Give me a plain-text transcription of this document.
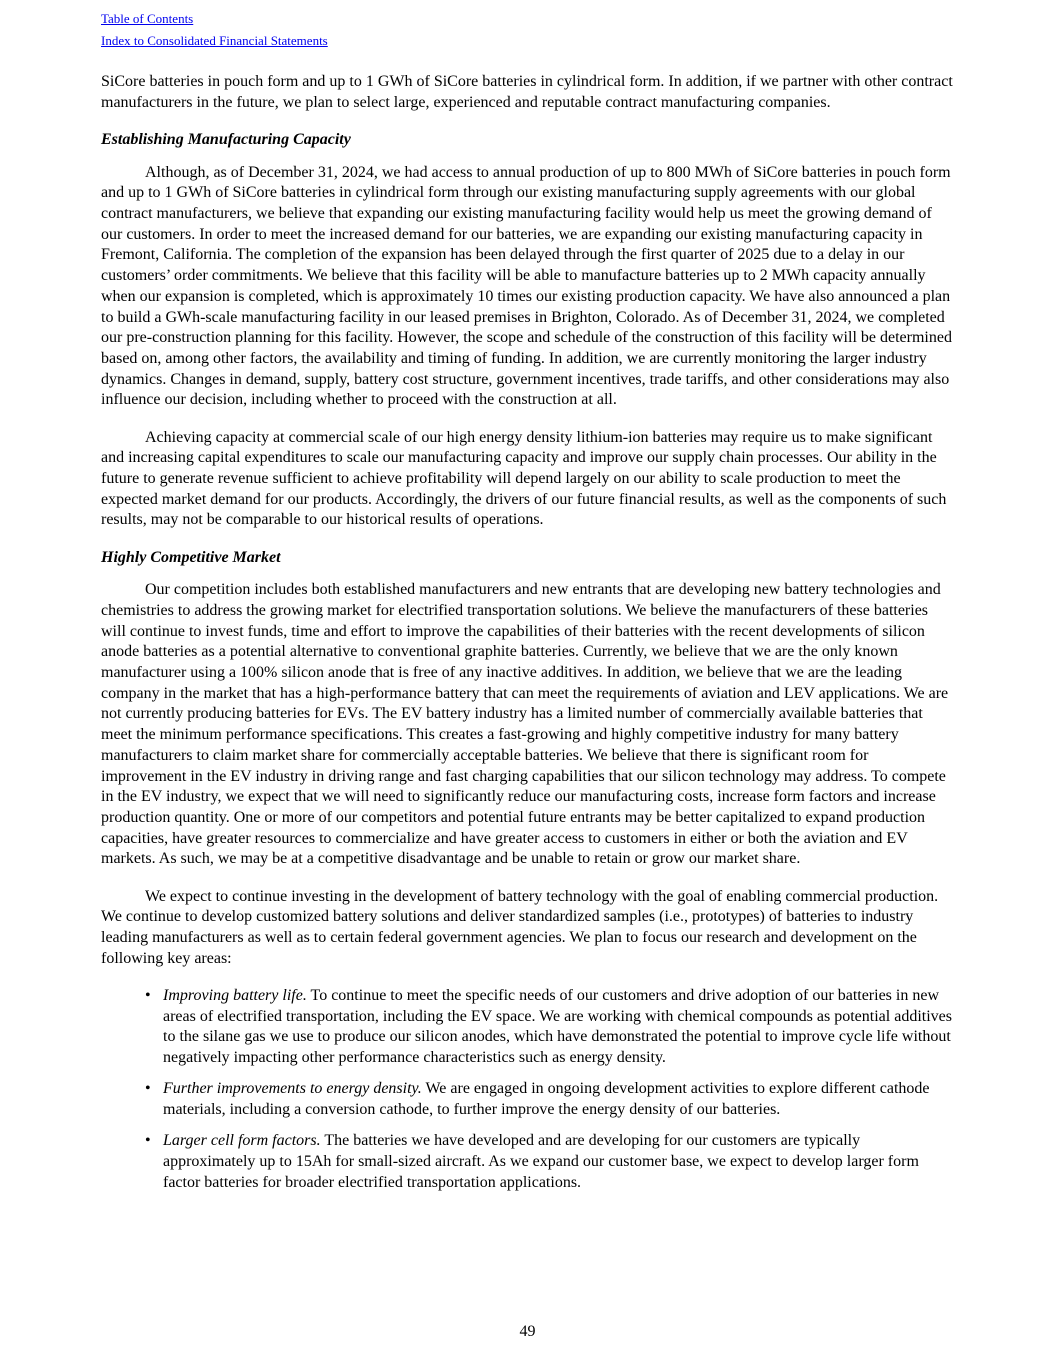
Table of Contents
Index to Consolidated Financial Statements

SiCore batteries in pouch form and up to 1 GWh of SiCore batteries in cylindrical form. In addition, if we partner with other contract manufacturers in the future, we plan to select large, experienced and reputable contract manufacturing companies.

Establishing Manufacturing Capacity

Although, as of December 31, 2024, we had access to annual production of up to 800 MWh of SiCore batteries in pouch form and up to 1 GWh of SiCore batteries in cylindrical form through our existing manufacturing supply agreements with our global contract manufacturers, we believe that expanding our existing manufacturing facility would help us meet the growing demand of our customers. In order to meet the increased demand for our batteries, we are expanding our existing manufacturing capacity in Fremont, California. The completion of the expansion has been delayed through the first quarter of 2025 due to a delay in our customers’ order commitments. We believe that this facility will be able to manufacture batteries up to 2 MWh capacity annually when our expansion is completed, which is approximately 10 times our existing production capacity. We have also announced a plan to build a GWh-scale manufacturing facility in our leased premises in Brighton, Colorado. As of December 31, 2024, we completed our pre-construction planning for this facility. However, the scope and schedule of the construction of this facility will be determined based on, among other factors, the availability and timing of funding. In addition, we are currently monitoring the larger industry dynamics. Changes in demand, supply, battery cost structure, government incentives, trade tariffs, and other considerations may also influence our decision, including whether to proceed with the construction at all.

Achieving capacity at commercial scale of our high energy density lithium-ion batteries may require us to make significant and increasing capital expenditures to scale our manufacturing capacity and improve our supply chain processes. Our ability in the future to generate revenue sufficient to achieve profitability will depend largely on our ability to scale production to meet the expected market demand for our products. Accordingly, the drivers of our future financial results, as well as the components of such results, may not be comparable to our historical results of operations.

Highly Competitive Market

Our competition includes both established manufacturers and new entrants that are developing new battery technologies and chemistries to address the growing market for electrified transportation solutions. We believe the manufacturers of these batteries will continue to invest funds, time and effort to improve the capabilities of their batteries with the recent developments of silicon anode batteries as a potential alternative to conventional graphite batteries. Currently, we believe that we are the only known manufacturer using a 100% silicon anode that is free of any inactive additives. In addition, we believe that we are the leading company in the market that has a high-performance battery that can meet the requirements of aviation and LEV applications. We are not currently producing batteries for EVs. The EV battery industry has a limited number of commercially available batteries that meet the minimum performance specifications. This creates a fast-growing and highly competitive industry for many battery manufacturers to claim market share for commercially acceptable batteries. We believe that there is significant room for improvement in the EV industry in driving range and fast charging capabilities that our silicon technology may address. To compete in the EV industry, we expect that we will need to significantly reduce our manufacturing costs, increase form factors and increase production quantity. One or more of our competitors and potential future entrants may be better capitalized to expand production capacities, have greater resources to commercialize and have greater access to customers in either or both the aviation and EV markets. As such, we may be at a competitive disadvantage and be unable to retain or grow our market share.

We expect to continue investing in the development of battery technology with the goal of enabling commercial production. We continue to develop customized battery solutions and deliver standardized samples (i.e., prototypes) of batteries to industry leading manufacturers as well as to certain federal government agencies. We plan to focus our research and development on the following key areas:

• Improving battery life. To continue to meet the specific needs of our customers and drive adoption of our batteries in new areas of electrified transportation, including the EV space. We are working with chemical compounds as potential additives to the silane gas we use to produce our silicon anodes, which have demonstrated the potential to improve cycle life without negatively impacting other performance characteristics such as energy density.
• Further improvements to energy density. We are engaged in ongoing development activities to explore different cathode materials, including a conversion cathode, to further improve the energy density of our batteries.
• Larger cell form factors. The batteries we have developed and are developing for our customers are typically approximately up to 15Ah for small-sized aircraft. As we expand our customer base, we expect to develop larger form factor batteries for broader electrified transportation applications.
49
